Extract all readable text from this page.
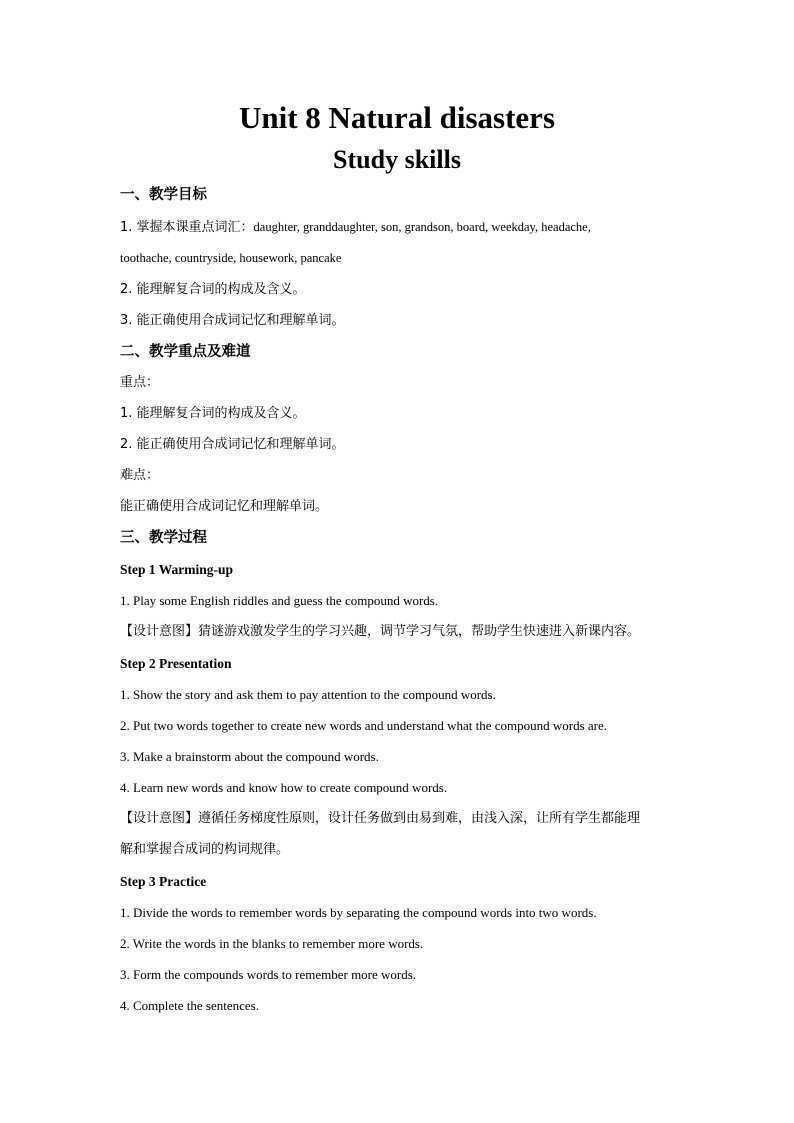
Unit 8 Natural disasters
Study skills
一、教学目标
1. 掌握本课重点词汇：daughter, granddaughter, son, grandson, board, weekday, headache,
toothache, countryside, housework, pancake
2. 能理解复合词的构成及含义。
3. 能正确使用合成词记忆和理解单词。
二、教学重点及难道
重点：
1. 能理解复合词的构成及含义。
2. 能正确使用合成词记忆和理解单词。
难点：
能正确使用合成词记忆和理解单词。
三、教学过程
Step 1 Warming-up
1. Play some English riddles and guess the compound words.
【设计意图】猜谜游戏激发学生的学习兴趣，调节学习气氛，帮助学生快速进入新课内容。
Step 2 Presentation
1. Show the story and ask them to pay attention to the compound words.
2. Put two words together to create new words and understand what the compound words are.
3. Make a brainstorm about the compound words.
4. Learn new words and know how to create compound words.
【设计意图】遵循任务梯度性原则，设计任务做到由易到难，由浅入深，让所有学生都能理
解和掌握合成词的构词规律。
Step 3 Practice
1. Divide the words to remember words by separating the compound words into two words.
2. Write the words in the blanks to remember more words.
3. Form the compounds words to remember more words.
4. Complete the sentences.
